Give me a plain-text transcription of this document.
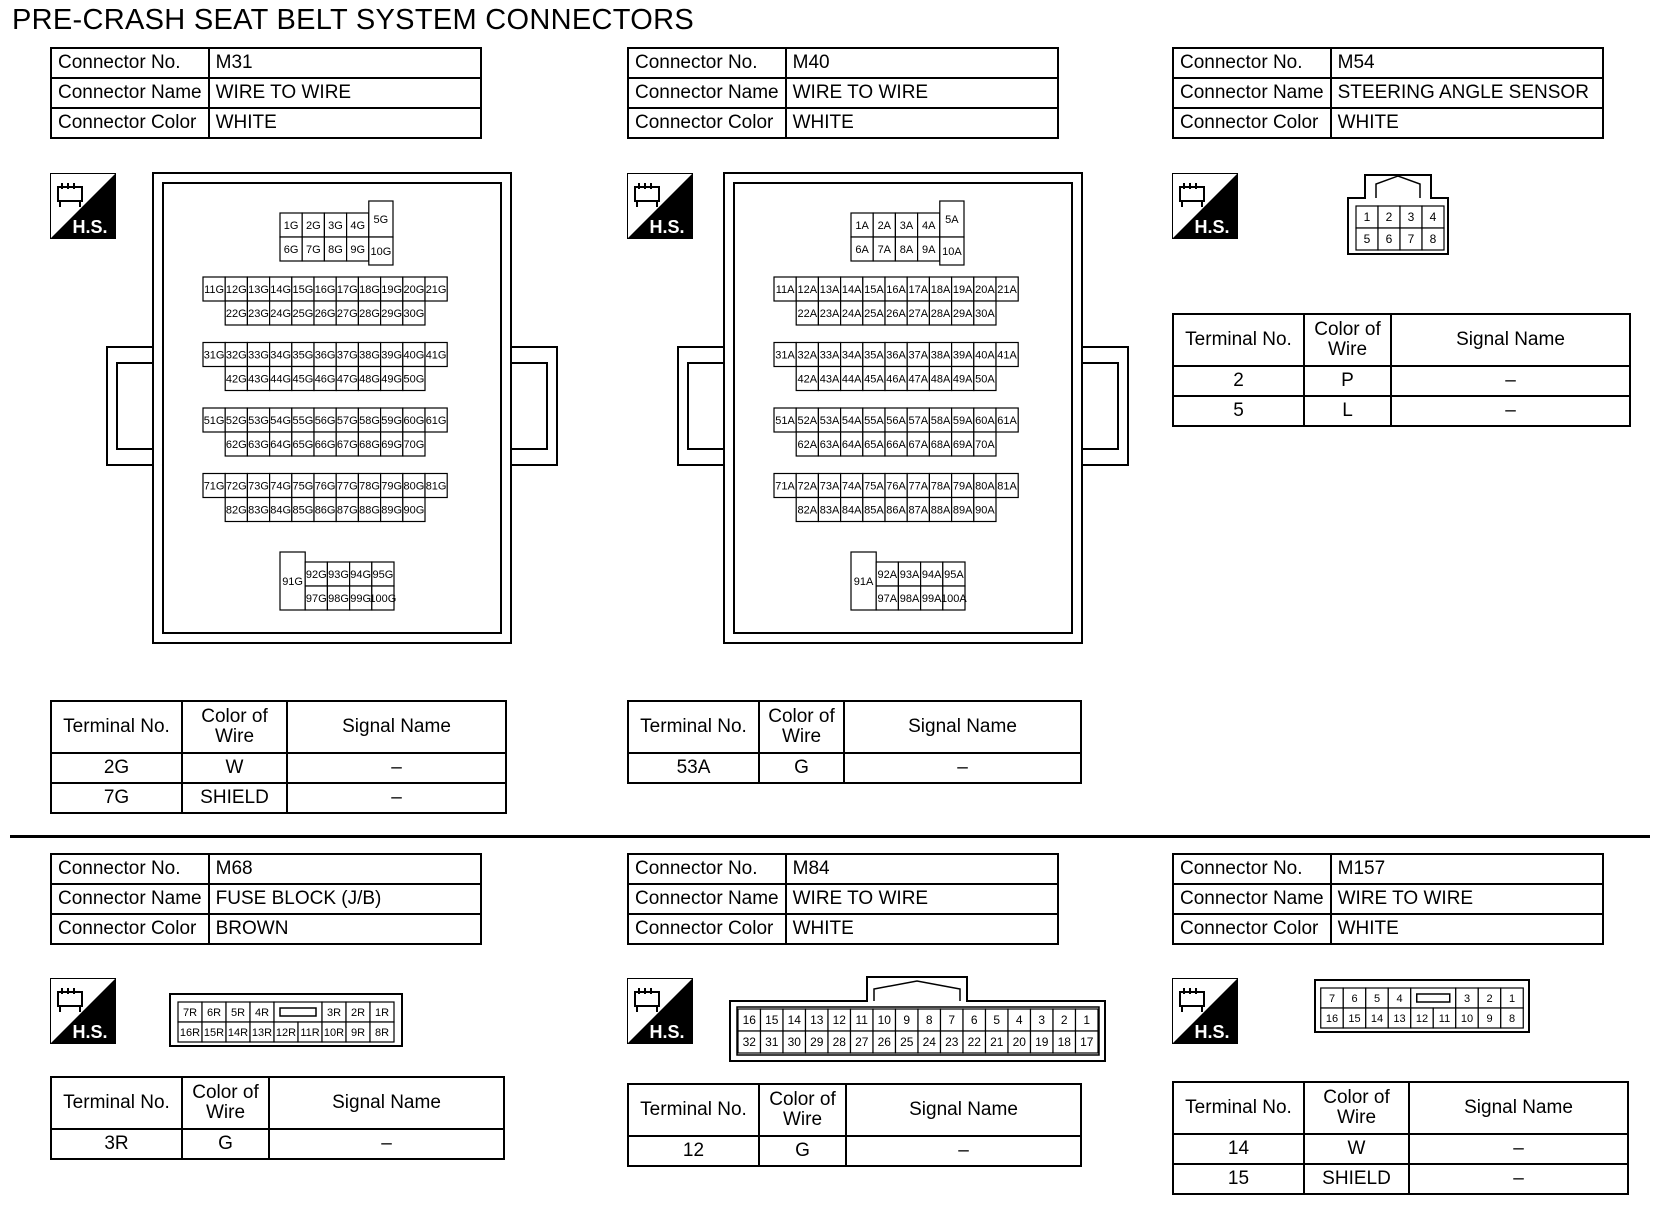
PRE-CRASH SEAT BELT SYSTEM CONNECTORS
Connector No.	M31
Connector Name	WIRE TO WIRE
Connector Color	WHITE
H.S.
Terminal No.	Color of Wire	Signal Name
2G	W	–
7G	SHIELD	–
Connector No.	M40
Connector Name	WIRE TO WIRE
Connector Color	WHITE
H.S.
Terminal No.	Color of Wire	Signal Name
53A	G	–
Connector No.	M54
Connector Name	STEERING ANGLE SENSOR
Connector Color	WHITE
H.S.
Terminal No.	Color of Wire	Signal Name
2	P	–
5	L	–
Connector No.	M68
Connector Name	FUSE BLOCK (J/B)
Connector Color	BROWN
H.S.
Terminal No.	Color of Wire	Signal Name
3R	G	–
Connector No.	M84
Connector Name	WIRE TO WIRE
Connector Color	WHITE
H.S.
Terminal No.	Color of Wire	Signal Name
12	G	–
Connector No.	M157
Connector Name	WIRE TO WIRE
Connector Color	WHITE
H.S.
Terminal No.	Color of Wire	Signal Name
14	W	–
15	SHIELD	–
1G 2G 3G 4G
6G 7G 8G 9G
5G
10G
11G 12G 13G 14G 15G 16G 17G 18G 19G 20G 21G
22G 23G 24G 25G 26G 27G 28G 29G 30G
31G 32G 33G 34G 35G 36G 37G 38G 39G 40G 41G
42G 43G 44G 45G 46G 47G 48G 49G 50G
51G 52G 53G 54G 55G 56G 57G 58G 59G 60G 61G
62G 63G 64G 65G 66G 67G 68G 69G 70G
71G 72G 73G 74G 75G 76G 77G 78G 79G 80G 81G
82G 83G 84G 85G 86G 87G 88G 89G 90G
91G
92G 93G 94G 95G
97G 98G 99G
100G
1A 2A 3A 4A
6A 7A 8A 9A
5A
10A
11A 12A 13A 14A 15A 16A 17A 18A 19A 20A 21A
22A 23A 24A 25A 26A 27A 28A 29A 30A
31A 32A 33A 34A 35A 36A 37A 38A 39A 40A 41A
42A 43A 44A 45A 46A 47A 48A 49A 50A
51A 52A 53A 54A 55A 56A 57A 58A 59A 60A 61A
62A 63A 64A 65A 66A 67A 68A 69A 70A
71A 72A 73A 74A 75A 76A 77A 78A 79A 80A 81A
82A 83A 84A 85A 86A 87A 88A 89A 90A
91A
92A 93A 94A 95A
97A 98A 99A 100A
1 2 3 4
5 6 7 8
7R 6R 5R 4R	3R 2R 1R
16R 15R 14R 13R 12R 11R 10R 9R 8R
7 6 5 4	3 2 1
16 15 14 13 12 11 10 9 8
16 15 14 13 12 11 10 9 8 7 6 5 4 3 2 1
32 31 30 29 28 27 26 25 24 23 22 21 20 19 18 17
